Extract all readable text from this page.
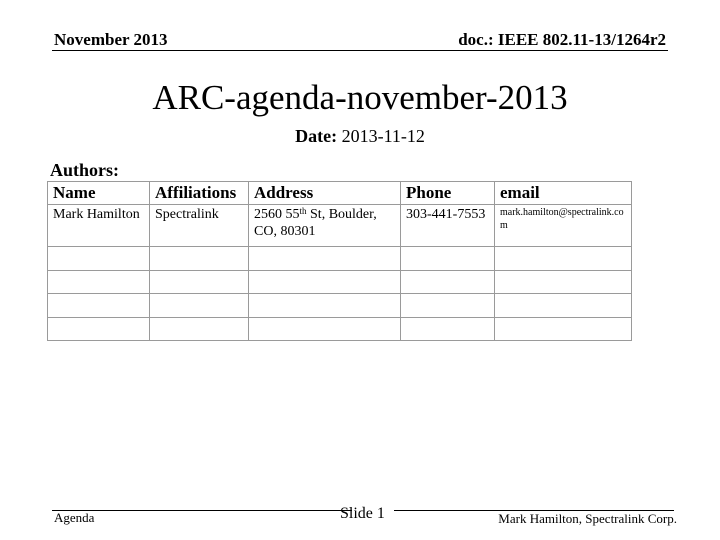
November 2013	doc.: IEEE 802.11-13/1264r2
ARC-agenda-november-2013
Date: 2013-11-12
Authors:
Name	Affiliations	Address	Phone	email
Mark Hamilton	Spectralink	2560 55th St, Boulder, CO, 80301	303-441-7553	mark.hamilton@spectralink.com

Agenda	Slide 1	Mark Hamilton, Spectralink Corp.
